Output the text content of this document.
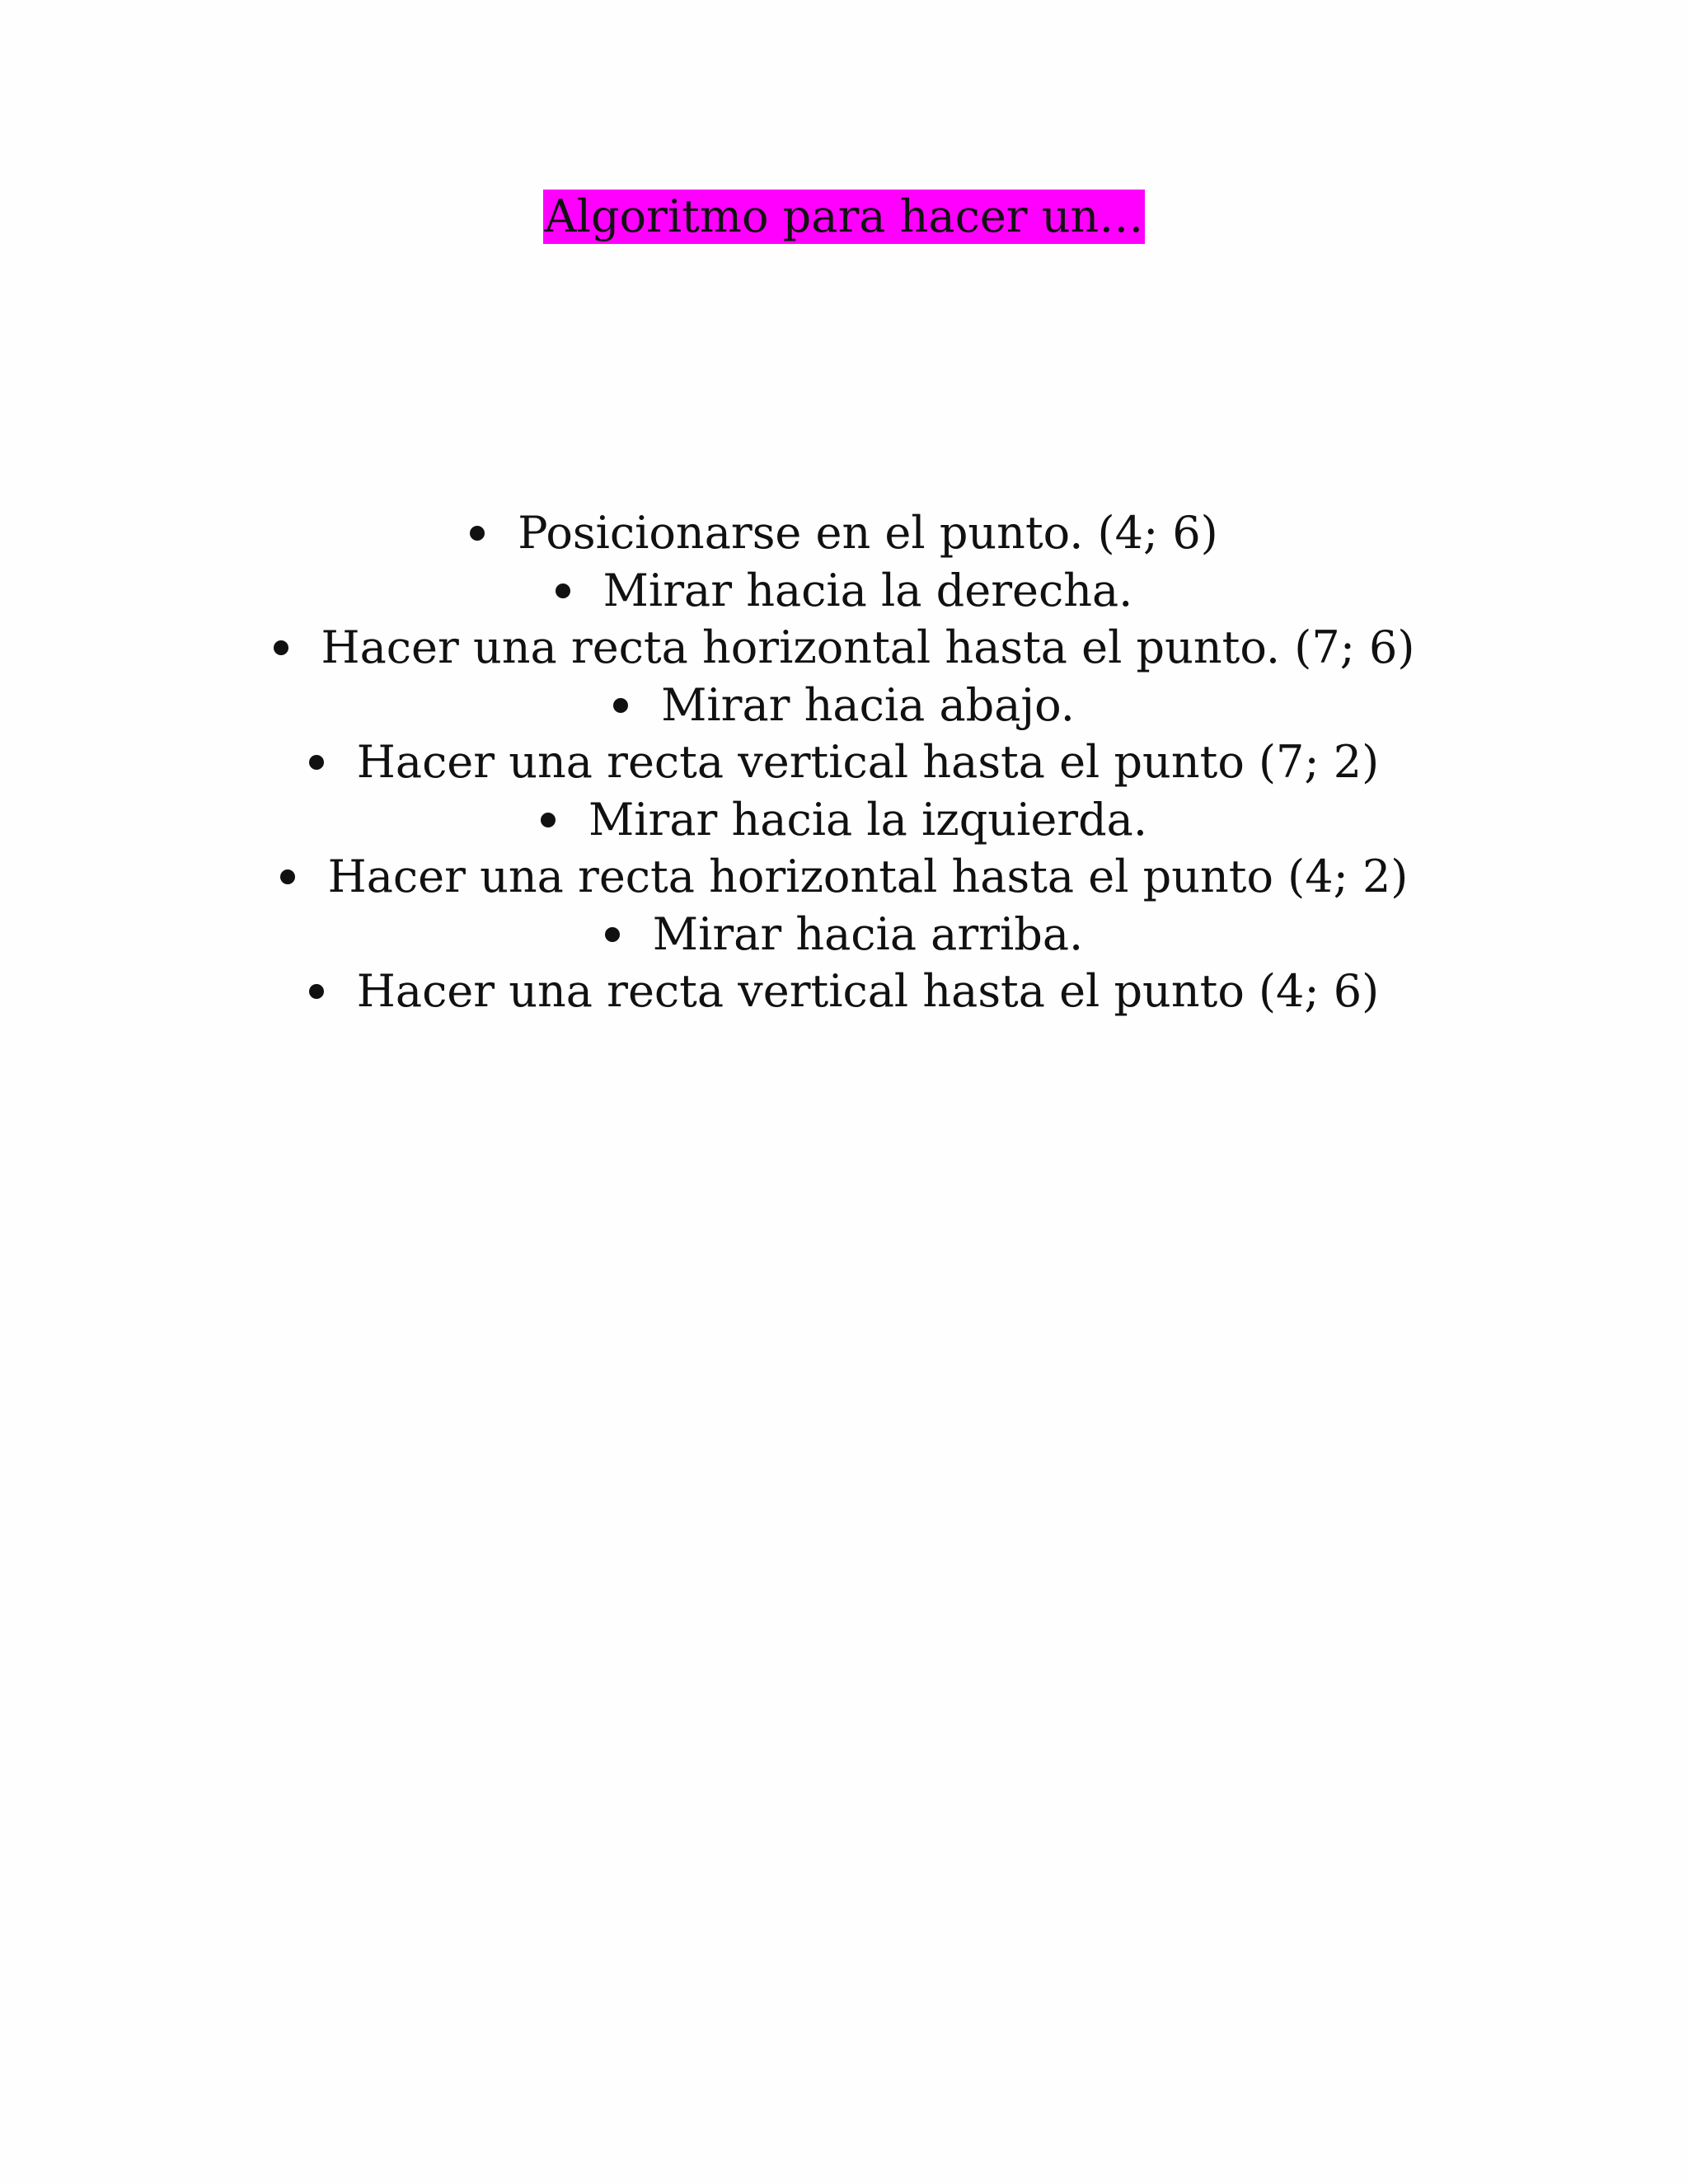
Algoritmo para hacer un…
Posicionarse en el punto. (4; 6)
Mirar hacia la derecha.
Hacer una recta horizontal hasta el punto. (7; 6)
Mirar hacia abajo.
Hacer una recta vertical hasta el punto (7; 2)
Mirar hacia la izquierda.
Hacer una recta horizontal hasta el punto (4; 2)
Mirar hacia arriba.
Hacer una recta vertical hasta el punto (4; 6)
